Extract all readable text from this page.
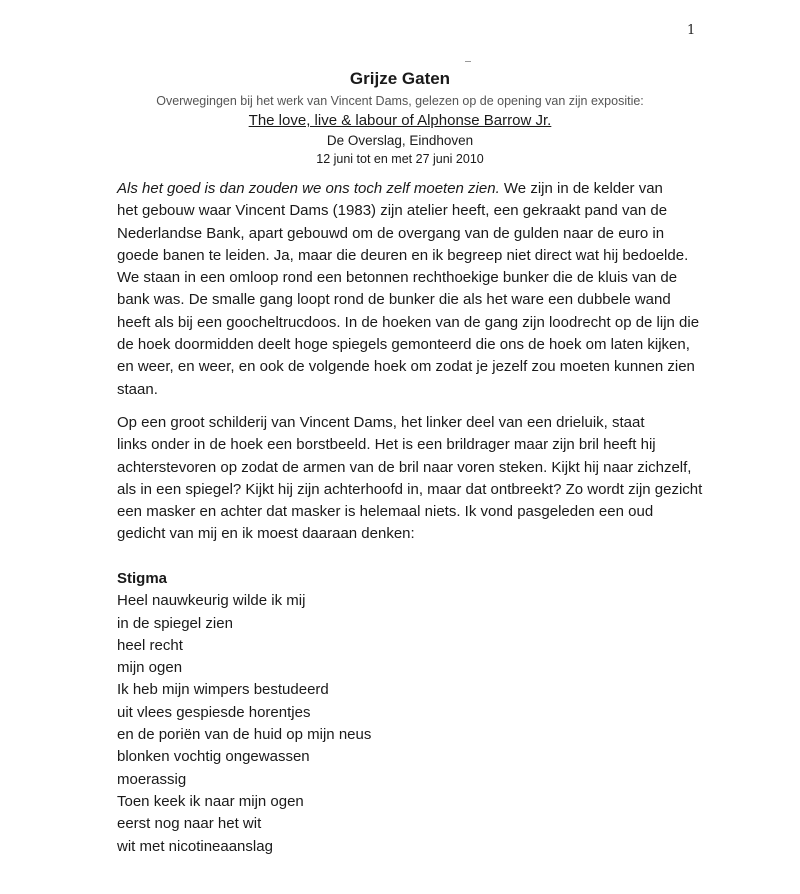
1
Grijze Gaten
Overwegingen bij het werk van Vincent Dams, gelezen op de opening van zijn expositie:
The love, live & labour of Alphonse Barrow Jr.
De Overslag, Eindhoven
12 juni tot en met 27 juni 2010

Als het goed is dan zouden we ons toch zelf moeten zien. We zijn in de kelder van
het gebouw waar Vincent Dams (1983) zijn atelier heeft, een gekraakt pand van de
Nederlandse Bank, apart gebouwd om de overgang van de gulden naar de euro in
goede banen te leiden. Ja, maar die deuren en ik begreep niet direct wat hij bedoelde.
We staan in een omloop rond een betonnen rechthoekige bunker die de kluis van de
bank was. De smalle gang loopt rond de bunker die als het ware een dubbele wand
heeft als bij een goocheltrucdoos. In de hoeken van de gang zijn loodrecht op de lijn die
de hoek doormidden deelt hoge spiegels gemonteerd die ons de hoek om laten kijken,
en weer, en weer, en ook de volgende hoek om zodat je jezelf zou moeten kunnen zien
staan.

Op een groot schilderij van Vincent Dams, het linker deel van een drieluik, staat
links onder in de hoek een borstbeeld. Het is een brildrager maar zijn bril heeft hij
achterstevoren op zodat de armen van de bril naar voren steken. Kijkt hij naar zichzelf,
als in een spiegel? Kijkt hij zijn achterhoofd in, maar dat ontbreekt? Zo wordt zijn gezicht
een masker en achter dat masker is helemaal niets. Ik vond pasgeleden een oud
gedicht van mij en ik moest daaraan denken:

Stigma
Heel nauwkeurig wilde ik mij
in de spiegel zien
heel recht
mijn ogen
Ik heb mijn wimpers bestudeerd
uit vlees gespiesde horentjes
en de poriën van de huid op mijn neus
blonken vochtig ongewassen
moerassig
Toen keek ik naar mijn ogen
eerst nog naar het wit
wit met nicotineaanslag
